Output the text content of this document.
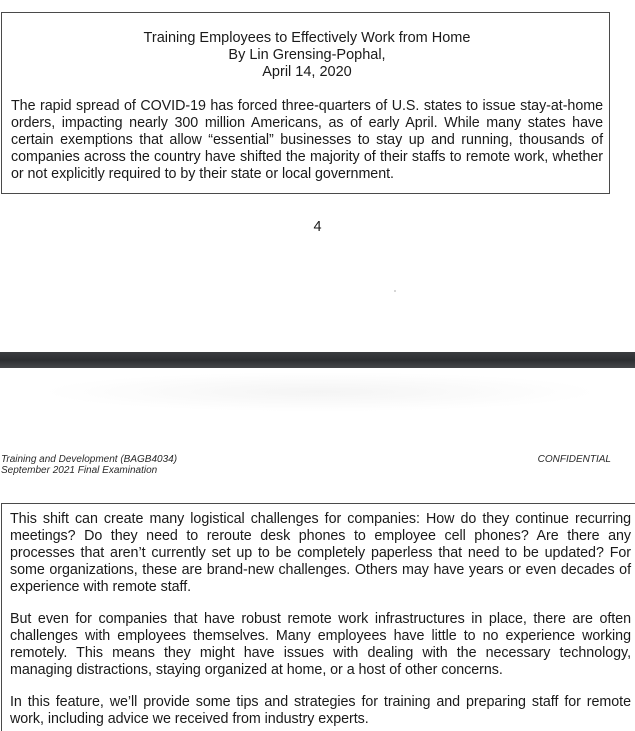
Training Employees to Effectively Work from Home
By Lin Grensing-Pophal,
April 14, 2020

The rapid spread of COVID-19 has forced three-quarters of U.S. states to issue stay-at-home orders, impacting nearly 300 million Americans, as of early April. While many states have certain exemptions that allow “essential” businesses to stay up and running, thousands of companies across the country have shifted the majority of their staffs to remote work, whether or not explicitly required to by their state or local government.

4
Training and Development (BAGB4034)
September 2021 Final Examination
CONFIDENTIAL

This shift can create many logistical challenges for companies: How do they continue recurring meetings? Do they need to reroute desk phones to employee cell phones? Are there any processes that aren’t currently set up to be completely paperless that need to be updated? For some organizations, these are brand-new challenges. Others may have years or even decades of experience with remote staff.

But even for companies that have robust remote work infrastructures in place, there are often challenges with employees themselves. Many employees have little to no experience working remotely. This means they might have issues with dealing with the necessary technology, managing distractions, staying organized at home, or a host of other concerns.

In this feature, we’ll provide some tips and strategies for training and preparing staff for remote work, including advice we received from industry experts.
